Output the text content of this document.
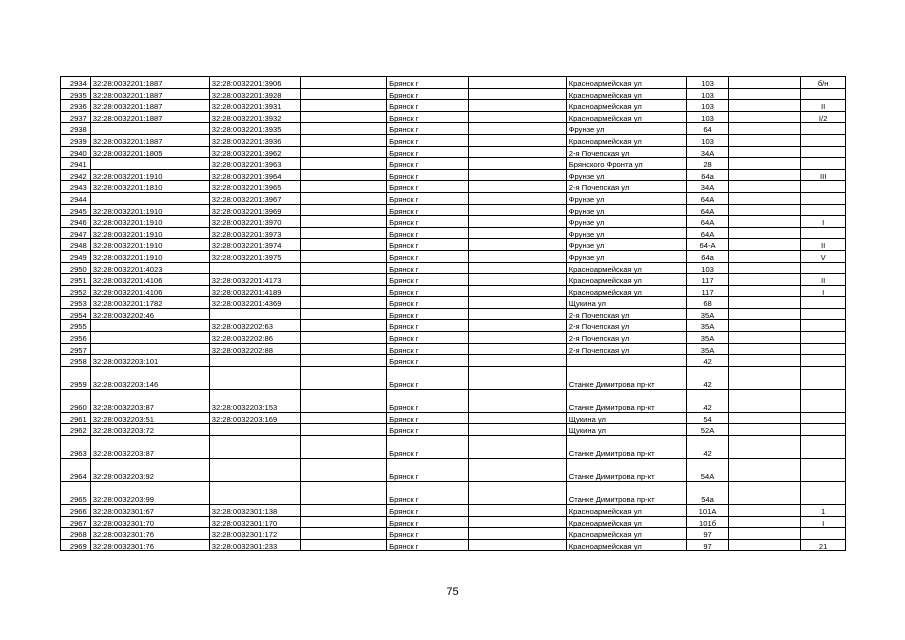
2934	32:28:0032201:1887	32:28:0032201:3906		Брянск г		Красноармейская ул	103		б/н
2935	32:28:0032201:1887	32:28:0032201:3928		Брянск г		Красноармейская ул	103		
2936	32:28:0032201:1887	32:28:0032201:3931		Брянск г		Красноармейская ул	103		II
2937	32:28:0032201:1887	32:28:0032201:3932		Брянск г		Красноармейская ул	103		I/2
2938		32:28:0032201:3935		Брянск г		Фрунзе ул	64		
2939	32:28:0032201:1887	32:28:0032201:3936		Брянск г		Красноармейская ул	103		
2940	32:28:0032201:1805	32:28:0032201:3962		Брянск г		2-я Почепская ул	34А		
2941		32:28:0032201:3963		Брянск г		Брянского Фронта ул	28		
2942	32:28:0032201:1910	32:28:0032201:3964		Брянск г		Фрунзе ул	64а		III
2943	32:28:0032201:1810	32:28:0032201:3965		Брянск г		2-я Почепская ул	34А		
2944		32:28:0032201:3967		Брянск г		Фрунзе ул	64А		
2945	32:28:0032201:1910	32:28:0032201:3969		Брянск г		Фрунзе ул	64А		
2946	32:28:0032201:1910	32:28:0032201:3970		Брянск г		Фрунзе ул	64А		I
2947	32:28:0032201:1910	32:28:0032201:3973		Брянск г		Фрунзе ул	64А		
2948	32:28:0032201:1910	32:28:0032201:3974		Брянск г		Фрунзе ул	64-А		II
2949	32:28:0032201:1910	32:28:0032201:3975		Брянск г		Фрунзе ул	64а		V
2950	32:28:0032201:4023			Брянск г		Красноармейская ул	103		
2951	32:28:0032201:4106	32:28:0032201:4173		Брянск г		Красноармейская ул	117		II
2952	32:28:0032201:4106	32:28:0032201:4189		Брянск г		Красноармейская ул	117		I
2953	32:28:0032201:1782	32:28:0032201:4369		Брянск г		Щукина ул	68		
2954	32:28:0032202:46			Брянск г		2-я Почепская ул	35А		
2955		32:28:0032202:63		Брянск г		2-я Почепская ул	35А		
2956		32:28:0032202:86		Брянск г		2-я Почепская ул	35А		
2957		32:28:0032202:88		Брянск г		2-я Почепская ул	35А		
2958	32:28:0032203:101			Брянск г			42		
2959	32:28:0032203:146			Брянск г		Станке Димитрова пр-кт	42		
2960	32:28:0032203:87	32:28:0032203:153		Брянск г		Станке Димитрова пр-кт	42		
2961	32:28:0032203:51	32:28:0032203:169		Брянск г		Щукина ул	54		
2962	32:28:0032203:72			Брянск г		Щукина ул	52А		
2963	32:28:0032203:87			Брянск г		Станке Димитрова пр-кт	42		
2964	32:28:0032203:92			Брянск г		Станке Димитрова пр-кт	54А		
2965	32:28:0032203:99			Брянск г		Станке Димитрова пр-кт	54а		
2966	32:28:0032301:67	32:28:0032301:138		Брянск г		Красноармейская ул	101А		1
2967	32:28:0032301:70	32:28:0032301:170		Брянск г		Красноармейская ул	101б		I
2968	32:28:0032301:76	32:28:0032301:172		Брянск г		Красноармейская ул	97		
2969	32:28:0032301:76	32:28:0032301:233		Брянск г		Красноармейская ул	97		21
75
